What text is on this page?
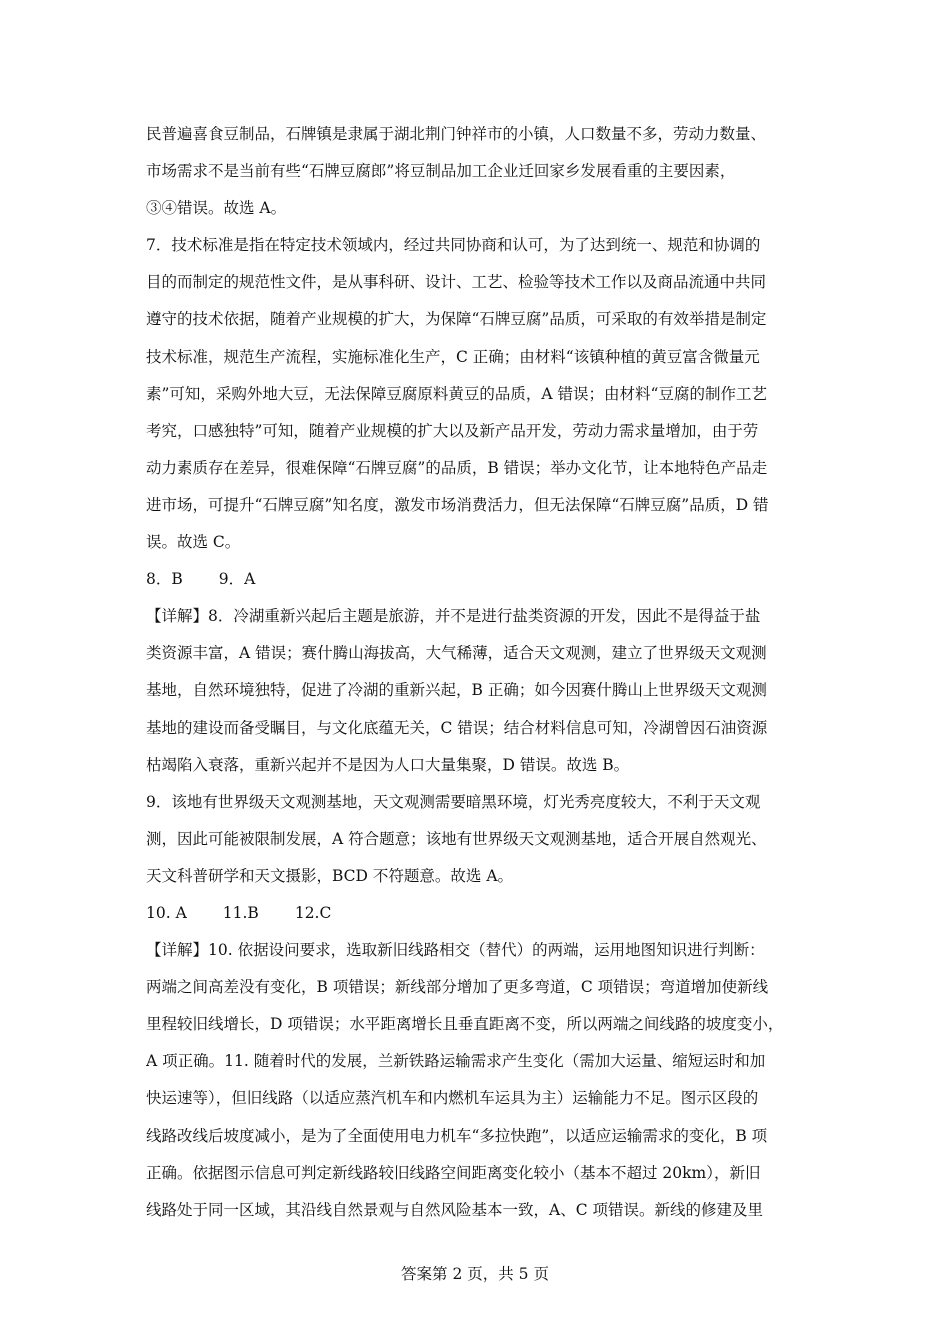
民普遍喜食豆制品，石牌镇是隶属于湖北荆门钟祥市的小镇，人口数量不多，劳动力数量、
市场需求不是当前有些“石牌豆腐郎”将豆制品加工企业迁回家乡发展看重的主要因素，
③④错误。故选 A。
7．技术标准是指在特定技术领域内，经过共同协商和认可，为了达到统一、规范和协调的
目的而制定的规范性文件，是从事科研、设计、工艺、检验等技术工作以及商品流通中共同
遵守的技术依据，随着产业规模的扩大，为保障“石牌豆腐”品质，可采取的有效举措是制定
技术标准，规范生产流程，实施标准化生产，C 正确；由材料“该镇种植的黄豆富含微量元
素”可知，采购外地大豆，无法保障豆腐原料黄豆的品质，A 错误；由材料“豆腐的制作工艺
考究，口感独特”可知，随着产业规模的扩大以及新产品开发，劳动力需求量增加，由于劳
动力素质存在差异，很难保障“石牌豆腐”的品质，B 错误；举办文化节，让本地特色产品走
进市场，可提升“石牌豆腐”知名度，激发市场消费活力，但无法保障“石牌豆腐”品质，D 错
误。故选 C。
8．B 9．A
【详解】8．冷湖重新兴起后主题是旅游，并不是进行盐类资源的开发，因此不是得益于盐
类资源丰富，A 错误；赛什腾山海拔高，大气稀薄，适合天文观测，建立了世界级天文观测
基地，自然环境独特，促进了冷湖的重新兴起，B 正确；如今因赛什腾山上世界级天文观测
基地的建设而备受瞩目，与文化底蕴无关，C 错误；结合材料信息可知，冷湖曾因石油资源
枯竭陷入衰落，重新兴起并不是因为人口大量集聚，D 错误。故选 B。
9．该地有世界级天文观测基地，天文观测需要暗黑环境，灯光秀亮度较大，不利于天文观
测，因此可能被限制发展，A 符合题意；该地有世界级天文观测基地，适合开展自然观光、
天文科普研学和天文摄影，BCD 不符题意。故选 A。
10. A 11.B 12.C
【详解】10. 依据设问要求，选取新旧线路相交（替代）的两端，运用地图知识进行判断：
两端之间高差没有变化，B 项错误；新线部分增加了更多弯道，C 项错误；弯道增加使新线
里程较旧线增长，D 项错误；水平距离增长且垂直距离不变，所以两端之间线路的坡度变小，
A 项正确。11. 随着时代的发展，兰新铁路运输需求产生变化（需加大运量、缩短运时和加
快运速等），但旧线路（以适应蒸汽机车和内燃机车运具为主）运输能力不足。图示区段的
线路改线后坡度减小，是为了全面使用电力机车“多拉快跑”，以适应运输需求的变化，B 项
正确。依据图示信息可判定新线路较旧线路空间距离变化较小（基本不超过 20km），新旧
线路处于同一区域，其沿线自然景观与自然风险基本一致，A、C 项错误。新线的修建及里
答案第 2 页，共 5 页
